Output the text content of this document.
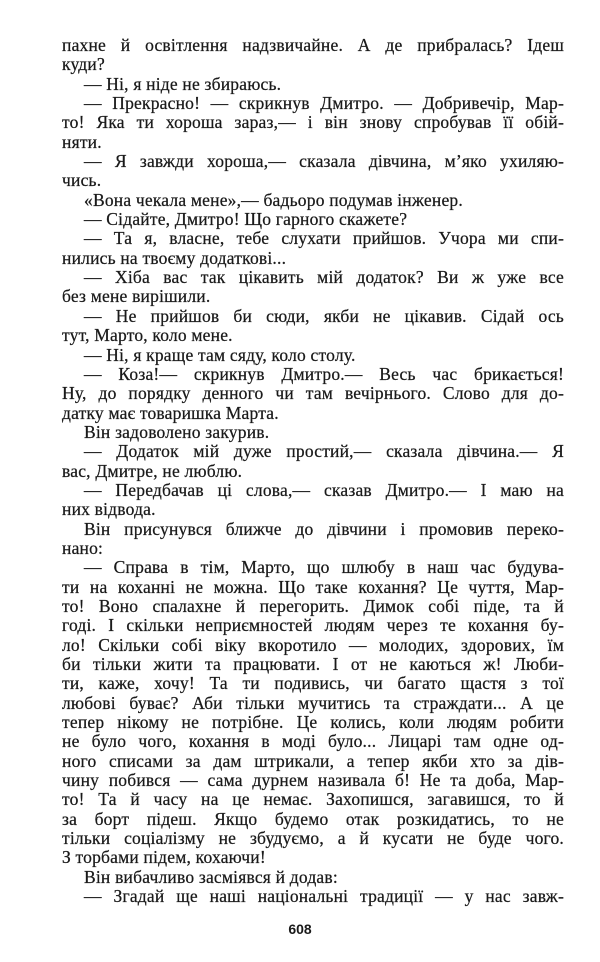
пахне й освітлення надзвичайне. А де прибралась? Ідеш
куди?
— Ні, я ніде не збираюсь.
— Прекрасно! — скрикнув Дмитро. — Добривечір, Мар-
то! Яка ти хороша зараз,— і він знову спробував її обій-
няти.
— Я завжди хороша,— сказала дівчина, м’яко ухиляю-
чись.
«Вона чекала мене»,— бадьоро подумав інженер.
— Сідайте, Дмитро! Що гарного скажете?
— Та я, власне, тебе слухати прийшов. Учора ми спи-
нились на твоєму додаткові...
— Хіба вас так цікавить мій додаток? Ви ж уже все
без мене вирішили.
— Не прийшов би сюди, якби не цікавив. Сідай ось
тут, Марто, коло мене.
— Ні, я краще там сяду, коло столу.
— Коза!— скрикнув Дмитро.— Весь час брикається!
Ну, до порядку денного чи там вечірнього. Слово для до-
датку має товаришка Марта.
Він задоволено закурив.
— Додаток мій дуже простий,— сказала дівчина.— Я
вас, Дмитре, не люблю.
— Передбачав ці слова,— сказав Дмитро.— І маю на
них відвода.
Він присунувся ближче до дівчини і промовив переко-
нано:
— Справа в тім, Марто, що шлюбу в наш час будува-
ти на коханні не можна. Що таке кохання? Це чуття, Мар-
то! Воно спалахне й перегорить. Димок собі піде, та й
годі. І скільки неприємностей людям через те кохання бу-
ло! Скільки собі віку вкоротило — молодих, здорових, їм
би тільки жити та працювати. І от не каються ж! Люби-
ти, каже, хочу! Та ти подивись, чи багато щастя з тої
любові буває? Аби тільки мучитись та страждати... А це
тепер нікому не потрібне. Це колись, коли людям робити
не було чого, кохання в моді було... Лицарі там одне од-
ного списами за дам штрикали, а тепер якби хто за дів-
чину побився — сама дурнем називала б! Не та доба, Мар-
то! Та й часу на це немає. Захопишся, загавишся, то й
за борт підеш. Якщо будемо отак розкидатись, то не
тільки соціалізму не збудуємо, а й кусати не буде чого.
З торбами підем, кохаючи!
Він вибачливо засміявся й додав:
— Згадай ще наші національні традиції — у нас завж-
608
